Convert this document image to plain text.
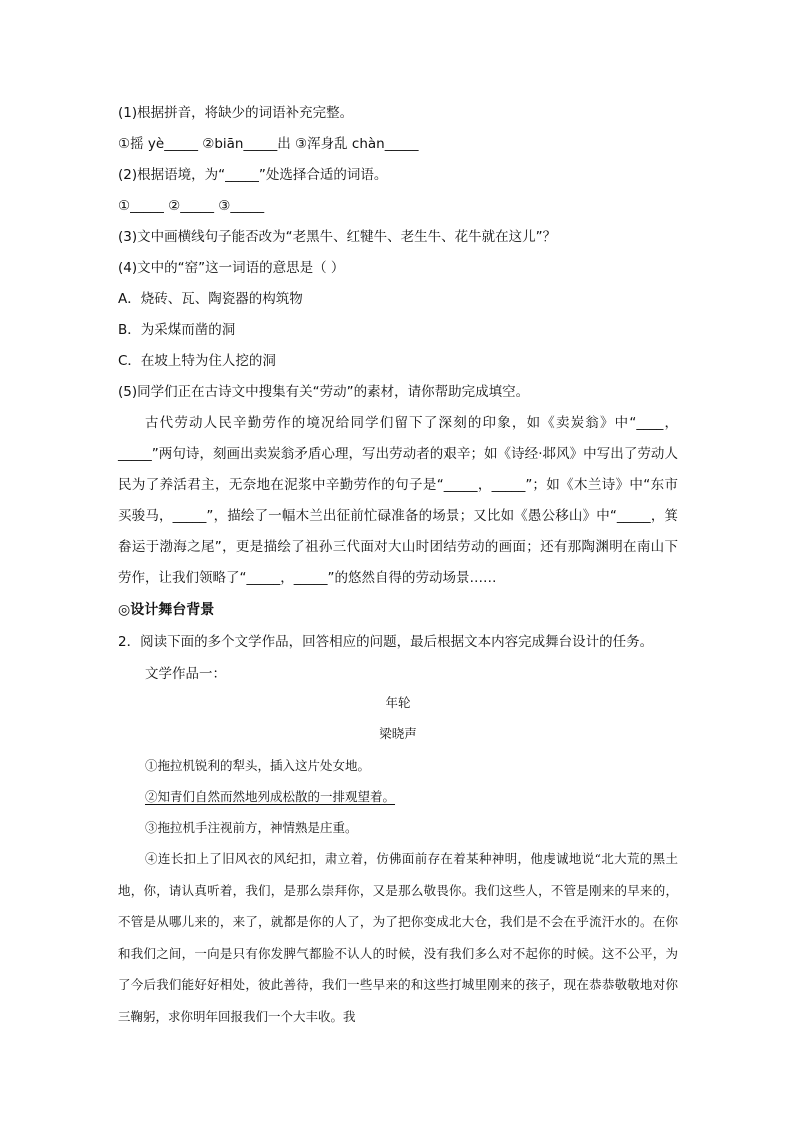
(1)根据拼音，将缺少的词语补充完整。
①摇 yè_____ ②biān_____出 ③浑身乱 chàn_____
(2)根据语境，为“_____”处选择合适的词语。
①_____ ②_____ ③_____
(3)文中画横线句子能否改为“老黑牛、红犍牛、老生牛、花牛就在这儿”？
(4)文中的“窑”这一词语的意思是（ ）
A．烧砖、瓦、陶瓷器的构筑物
B．为采煤而凿的洞
C．在坡上特为住人挖的洞
(5)同学们正在古诗文中搜集有关“劳动”的素材，请你帮助完成填空。
古代劳动人民辛勤劳作的境况给同学们留下了深刻的印象，如《卖炭翁》中“____，_____”两句诗，刻画出卖炭翁矛盾心理，写出劳动者的艰辛；如《诗经·邶风》中写出了劳动人民为了养活君主，无奈地在泥浆中辛勤劳作的句子是“_____，_____”；如《木兰诗》中“东市买骏马，_____”，描绘了一幅木兰出征前忙碌准备的场景；又比如《愚公移山》中“_____，箕畚运于渤海之尾”，更是描绘了祖孙三代面对大山时团结劳动的画面；还有那陶渊明在南山下劳作，让我们领略了“_____，_____”的悠然自得的劳动场景……
◎设计舞台背景
2．阅读下面的多个文学作品，回答相应的问题，最后根据文本内容完成舞台设计的任务。
文学作品一：
年轮
梁晓声
①拖拉机锐利的犁头，插入这片处女地。
②知青们自然而然地列成松散的一排观望着。
③拖拉机手注视前方，神情熟是庄重。
④连长扣上了旧风衣的风纪扣，肃立着，仿佛面前存在着某种神明，他虔诚地说“北大荒的黑土地，你，请认真听着，我们，是那么崇拜你，又是那么敬畏你。我们这些人，不管是刚来的早来的，不管是从哪儿来的，来了，就都是你的人了，为了把你变成北大仓，我们是不会在乎流汗水的。在你和我们之间，一向是只有你发脾气都脸不认人的时候，没有我们多么对不起你的时候。这不公平，为了今后我们能好好相处，彼此善待，我们一些早来的和这些打城里刚来的孩子，现在恭恭敬敬地对你三鞠躬，求你明年回报我们一个大丰收。我
